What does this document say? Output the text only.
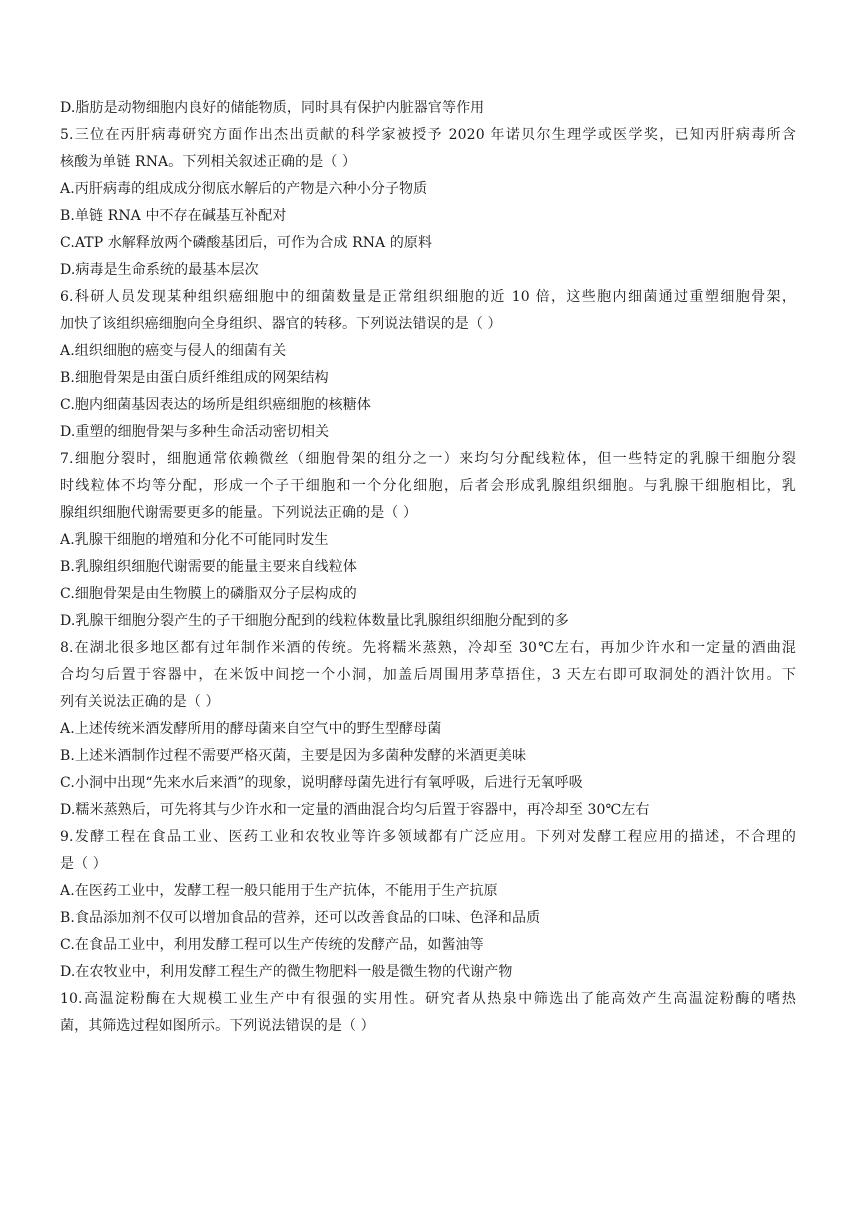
D.脂肪是动物细胞内良好的储能物质，同时具有保护内脏器官等作用
5.三位在丙肝病毒研究方面作出杰出贡献的科学家被授予 2020 年诺贝尔生理学或医学奖，已知丙肝病毒所含
核酸为单链 RNA。下列相关叙述正确的是（ ）
A.丙肝病毒的组成成分彻底水解后的产物是六种小分子物质
B.单链 RNA 中不存在碱基互补配对
C.ATP 水解释放两个磷酸基团后，可作为合成 RNA 的原料
D.病毒是生命系统的最基本层次
6.科研人员发现某种组织癌细胞中的细菌数量是正常组织细胞的近 10 倍，这些胞内细菌通过重塑细胞骨架，
加快了该组织癌细胞向全身组织、器官的转移。下列说法错误的是（ ）
A.组织细胞的癌变与侵人的细菌有关
B.细胞骨架是由蛋白质纤维组成的网架结构
C.胞内细菌基因表达的场所是组织癌细胞的核糖体
D.重塑的细胞骨架与多种生命活动密切相关
7.细胞分裂时，细胞通常依赖微丝（细胞骨架的组分之一）来均匀分配线粒体，但一些特定的乳腺干细胞分裂
时线粒体不均等分配，形成一个子干细胞和一个分化细胞，后者会形成乳腺组织细胞。与乳腺干细胞相比，乳
腺组织细胞代谢需要更多的能量。下列说法正确的是（ ）
A.乳腺干细胞的增殖和分化不可能同时发生
B.乳腺组织细胞代谢需要的能量主要来自线粒体
C.细胞骨架是由生物膜上的磷脂双分子层构成的
D.乳腺干细胞分裂产生的子干细胞分配到的线粒体数量比乳腺组织细胞分配到的多
8.在湖北很多地区都有过年制作米酒的传统。先将糯米蒸熟，冷却至 30℃左右，再加少许水和一定量的酒曲混
合均匀后置于容器中，在米饭中间挖一个小洞，加盖后周围用茅草捂住，3 天左右即可取洞处的酒汁饮用。下
列有关说法正确的是（ ）
A.上述传统米酒发酵所用的酵母菌来自空气中的野生型酵母菌
B.上述米酒制作过程不需要严格灭菌，主要是因为多菌种发酵的米酒更美味
C.小洞中出现“先来水后来酒”的现象，说明酵母菌先进行有氧呼吸，后进行无氧呼吸
D.糯米蒸熟后，可先将其与少许水和一定量的酒曲混合均匀后置于容器中，再冷却至 30℃左右
9.发酵工程在食品工业、医药工业和农牧业等许多领域都有广泛应用。下列对发酵工程应用的描述，不合理的
是（ ）
A.在医药工业中，发酵工程一般只能用于生产抗体，不能用于生产抗原
B.食品添加剂不仅可以增加食品的营养，还可以改善食品的口味、色泽和品质
C.在食品工业中，利用发酵工程可以生产传统的发酵产品，如酱油等
D.在农牧业中，利用发酵工程生产的微生物肥料一般是微生物的代谢产物
10.高温淀粉酶在大规模工业生产中有很强的实用性。研究者从热泉中筛选出了能高效产生高温淀粉酶的嗜热
菌，其筛选过程如图所示。下列说法错误的是（ ）
